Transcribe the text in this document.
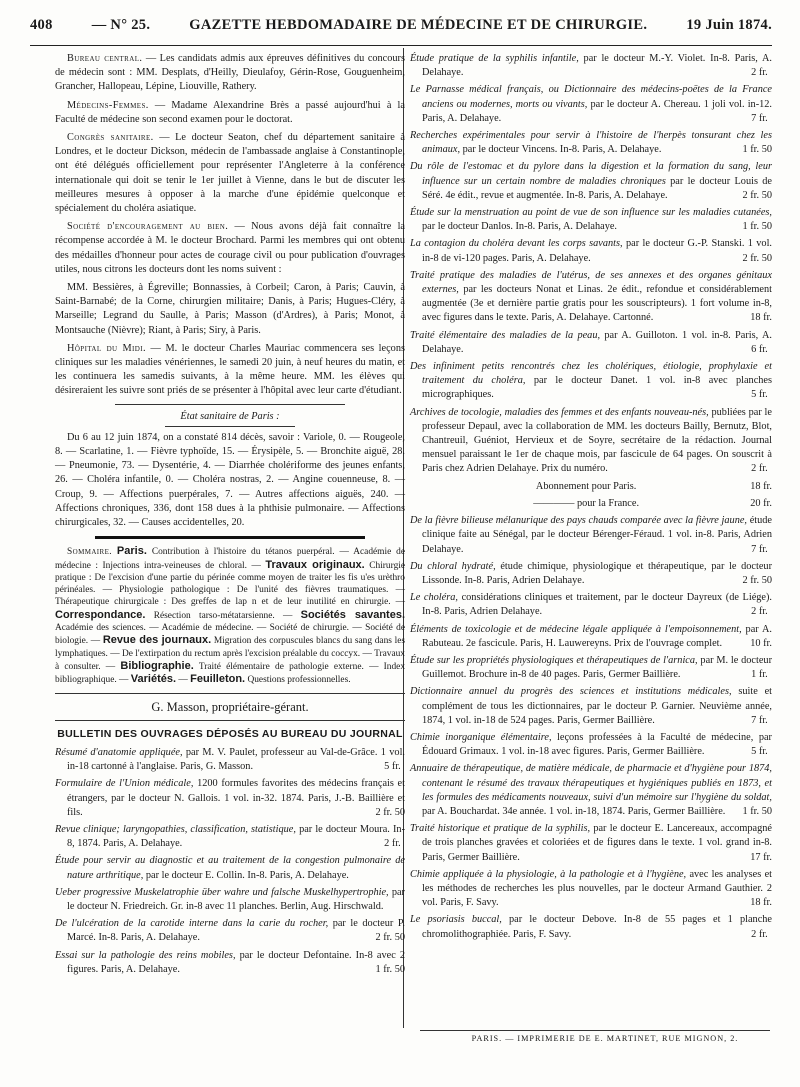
408	— N° 25.	GAZETTE HEBDOMADAIRE DE MÉDECINE ET DE CHIRURGIE.	19 Juin 1874.

Bureau central. — Les candidats admis aux épreuves définitives du concours de médecin sont : MM. Desplats, d'Heilly, Dieulafoy, Gérin-Rose, Gouguenheim, Grancher, Hallopeau, Lépine, Liouville, Rathery.

Médecins-Femmes. — Madame Alexandrine Brès a passé aujourd'hui à la Faculté de médecine son second examen pour le doctorat.

Congrès sanitaire. — Le docteur Seaton, chef du département sanitaire à Londres, et le docteur Dickson, médecin de l'ambassade anglaise à Constantinople, ont été délégués officiellement pour représenter l'Angleterre à la conférence internationale qui doit se tenir le 1er juillet à Vienne, dans le but de discuter les meilleures mesures à opposer à la marche d'une épidémie quelconque et spécialement du choléra asiatique.

Société d'encouragement au bien. — Nous avons déjà fait connaître la récompense accordée à M. le docteur Brochard. Parmi les membres qui ont obtenu des médailles d'honneur pour actes de courage civil ou pour publication d'ouvrages utiles, nous citrons les docteurs dont les noms suivent :

MM. Bessières, à Égreville; Bonnassies, à Corbeil; Caron, à Paris; Cauvin, à Saint-Barnabé; de la Corne, chirurgien militaire; Danis, à Paris; Hugues-Cléry, à Marseille; Legrand du Saulle, à Paris; Masson (d'Ardres), à Paris; Monot, à Montsauche (Nièvre); Riant, à Paris; Siry, à Paris.

Hôpital du Midi. — M. le docteur Charles Mauriac commencera ses leçons cliniques sur les maladies vénériennes, le samedi 20 juin, à neuf heures du matin, et les continuera les samedis suivants, à la même heure. MM. les élèves qui désireraient les suivre sont priés de se présenter à l'hôpital avec leur carte d'étudiant.

État sanitaire de Paris :

Du 6 au 12 juin 1874, on a constaté 814 décès, savoir : Variole, 0. — Rougeole, 8. — Scarlatine, 1. — Fièvre typhoïde, 15. — Érysipèle, 5. — Bronchite aiguë, 28. — Pneumonie, 73. — Dysentérie, 4. — Diarrhée cholériforme des jeunes enfants, 26. — Choléra infantile, 0. — Choléra nostras, 2. — Angine couenneuse, 8. — Croup, 9. — Affections puerpérales, 7. — Autres affections aiguës, 240. — Affections chroniques, 336, dont 158 dues à la phthisie pulmonaire. — Affections chirurgicales, 32. — Causes accidentelles, 20.

Sommaire. Paris. Contribution à l'histoire du tétanos puerpéral. — Académie de médecine : Injections intra-veineuses de chloral. — Travaux originaux. Chirurgie pratique : De l'excision d'une partie du périnée comme moyen de traiter les fis u'es urèthro périnéales. — Physiologie pathologique : De l'unité des fièvres traumatiques. — Thérapeutique chirurgicale : Des greffes de lap n et de leur inutilité en chirurgie. — Correspondance. Résection tarso-métatarsienne. — Sociétés savantes. Académie des sciences. — Académie de médecine. — Société de chirurgie. — Société de biologie. — Revue des journaux. Migration des corpuscules blancs du sang dans les lymphatiques. — De l'extirpation du rectum après l'excision préalable du coccyx. — Travaux à consulter. — Bibliographie. Traité élémentaire de pathologie externe. — Index bibliographique. — Variétés. — Feuilleton. Questions professionnelles.

G. Masson, propriétaire-gérant.
BULLETIN DES OUVRAGES DÉPOSÉS AU BUREAU DU JOURNAL
Résumé d'anatomie appliquée, par M. V. Paulet, professeur au Val-de-Grâce. 1 vol. in-18 cartonné à l'anglaise. Paris, G. Masson.	5 fr.
Formulaire de l'Union médicale, 1200 formules favorites des médecins français et étrangers, par le docteur N. Gallois. 1 vol. in-32. 1874. Paris, J.-B. Baillière et fils.	2 fr. 50
Revue clinique; laryngopathies, classification, statistique, par le docteur Moura. In-8, 1874. Paris, A. Delahaye.	2 fr.
Étude pour servir au diagnostic et au traitement de la congestion pulmonaire de nature arthritique, par le docteur E. Collin. In-8. Paris, A. Delahaye.
Ueber progressive Muskelatrophie über wahre und falsche Muskelhypertrophie, par le docteur N. Friedreich. Gr. in-8 avec 11 planches. Berlin, Aug. Hirschwald.
De l'ulcération de la carotide interne dans la carie du rocher, par le docteur P. Marcé. In-8. Paris, A. Delahaye.	2 fr. 50
Essai sur la pathologie des reins mobiles, par le docteur Defontaine. In-8 avec 2 figures. Paris, A. Delahaye.	1 fr. 50
Étude pratique de la syphilis infantile, par le docteur M.-Y. Violet. In-8. Paris, A. Delahaye.	2 fr.
Le Parnasse médical français, ou Dictionnaire des médecins-poëtes de la France anciens ou modernes, morts ou vivants, par le docteur A. Chereau. 1 joli vol. in-12. Paris, A. Delahaye.	7 fr.
Recherches expérimentales pour servir à l'histoire de l'herpès tonsurant chez les animaux, par le docteur Vincens. In-8. Paris, A. Delahaye.	1 fr. 50
Du rôle de l'estomac et du pylore dans la digestion et la formation du sang, leur influence sur un certain nombre de maladies chroniques par le docteur Louis de Séré. 4e édit., revue et augmentée. In-8. Paris, A. Delahaye.	2 fr. 50
Étude sur la menstruation au point de vue de son influence sur les maladies cutanées, par le docteur Danlos. In-8. Paris, A. Delahaye.	1 fr. 50
La contagion du choléra devant les corps savants, par le docteur G.-P. Stanski. 1 vol. in-8 de vi-120 pages. Paris, A. Delahaye.	2 fr. 50
Traité pratique des maladies de l'utérus, de ses annexes et des organes génitaux externes, par les docteurs Nonat et Linas. 2e édit., refondue et considérablement augmentée (3e et dernière partie gratis pour les souscripteurs). 1 fort volume in-8, avec figures dans le texte. Paris, A. Delahaye. Cartonné.	18 fr.
Traité élémentaire des maladies de la peau, par A. Guilloton. 1 vol. in-8. Paris, A. Delahaye.	6 fr.
Des infiniment petits rencontrés chez les cholériques, étiologie, prophylaxie et traitement du choléra, par le docteur Danet. 1 vol. in-8 avec planches micrographiques.	5 fr.
Archives de tocologie, maladies des femmes et des enfants nouveau-nés, publiées par le professeur Depaul, avec la collaboration de MM. les docteurs Bailly, Bernutz, Blot, Chantreuil, Guéniot, Hervieux et de Soyre, secrétaire de la rédaction. Journal mensuel paraissant le 1er de chaque mois, par fascicule de 64 pages. On souscrit à Paris chez Adrien Delahaye. Prix du numéro.	2 fr.
Abonnement pour Paris.	18 fr.
———— pour la France.	20 fr.
De la fièvre bilieuse mélanurique des pays chauds comparée avec la fièvre jaune, étude clinique faite au Sénégal, par le docteur Bérenger-Féraud. 1 vol. in-8. Paris, Adrien Delahaye.	7 fr.
Du chloral hydraté, étude chimique, physiologique et thérapeutique, par le docteur Lissonde. In-8. Paris, Adrien Delahaye.	2 fr. 50
Le choléra, considérations cliniques et traitement, par le docteur Dayreux (de Liége). In-8. Paris, Adrien Delahaye.	2 fr.
Éléments de toxicologie et de médecine légale appliquée à l'empoisonnement, par A. Rabuteau. 2e fascicule. Paris, H. Lauwereyns. Prix de l'ouvrage complet.	10 fr.
Étude sur les propriétés physiologiques et thérapeutiques de l'arnica, par M. le docteur Guillemot. Brochure in-8 de 40 pages. Paris, Germer Baillière.	1 fr.
Dictionnaire annuel du progrès des sciences et institutions médicales, suite et complément de tous les dictionnaires, par le docteur P. Garnier. Neuvième année, 1874, 1 vol. in-18 de 524 pages. Paris, Germer Baillière.	7 fr.
Chimie inorganique élémentaire, leçons professées à la Faculté de médecine, par Édouard Grimaux. 1 vol. in-18 avec figures. Paris, Germer Baillière.	5 fr.
Annuaire de thérapeutique, de matière médicale, de pharmacie et d'hygiène pour 1874, contenant le résumé des travaux thérapeutiques et hygiéniques publiés en 1873, et les formules des médicaments nouveaux, suivi d'un mémoire sur l'hygiène du soldat, par A. Bouchardat. 34e année. 1 vol. in-18, 1874. Paris, Germer Baillière. 1 fr. 50
Traité historique et pratique de la syphilis, par le docteur E. Lancereaux, accompagné de trois planches gravées et coloriées et de figures dans le texte. 1 vol. grand in-8. Paris, Germer Baillière.	17 fr.
Chimie appliquée à la physiologie, à la pathologie et à l'hygiène, avec les analyses et les méthodes de recherches les plus nouvelles, par le docteur Armand Gauthier. 2 vol. Paris, F. Savy.	18 fr.
Le psoriasis buccal, par le docteur Debove. In-8 de 55 pages et 1 planche chromolithographiée. Paris, F. Savy.	2 fr.
PARIS. — IMPRIMERIE DE E. MARTINET, RUE MIGNON, 2.
